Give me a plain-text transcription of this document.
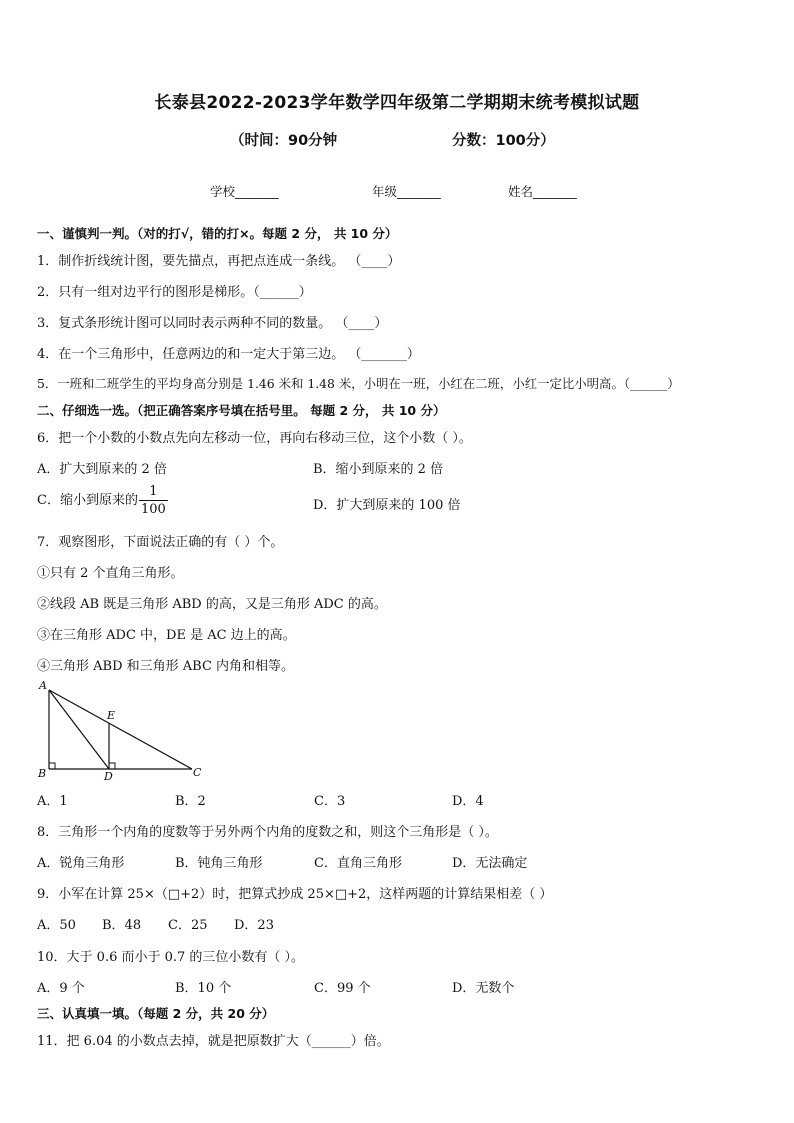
长泰县2022-2023学年数学四年级第二学期期末统考模拟试题
（时间：90分钟	分数：100分）
学校_______	年级_______	姓名_______
一、谨慎判一判。（对的打√，错的打×。每题 2 分， 共 10 分）
1．制作折线统计图，要先描点，再把点连成一条线。 （____）
2．只有一组对边平行的图形是梯形。（______）
3．复式条形统计图可以同时表示两种不同的数量。 （____）
4．在一个三角形中，任意两边的和一定大于第三边。 （_______）
5．一班和二班学生的平均身高分别是 1.46 米和 1.48 米，小明在一班，小红在二班，小红一定比小明高。（______）
二、仔细选一选。（把正确答案序号填在括号里。 每题 2 分， 共 10 分）
6．把一个小数的小数点先向左移动一位，再向右移动三位，这个小数（ ）。
A．扩大到原来的 2 倍	B．缩小到原来的 2 倍
C．缩小到原来的 $\frac{1}{100}$	D．扩大到原来的 100 倍
7．观察图形，下面说法正确的有（ ）个。
①只有 2 个直角三角形。
②线段 AB 既是三角形 ABD 的高，又是三角形 ADC 的高。
③在三角形 ADC 中，DE 是 AC 边上的高。
④三角形 ABD 和三角形 ABC 内角和相等。
A
B	C
D
E
A．1	B．2	C．3	D．4
8．三角形一个内角的度数等于另外两个内角的度数之和，则这个三角形是（ ）。
A．锐角三角形	B．钝角三角形	C．直角三角形	D．无法确定
9．小军在计算 25×（□+2）时，把算式抄成 25×□+2，这样两题的计算结果相差（ ）
A．50 B．48 C．25 D．23
10．大于 0.6 而小于 0.7 的三位小数有（ ）。
A．9 个	B．10 个	C．99 个	D．无数个
三、认真填一填。（每题 2 分，共 20 分）
11．把 6.04 的小数点去掉，就是把原数扩大（______）倍。
